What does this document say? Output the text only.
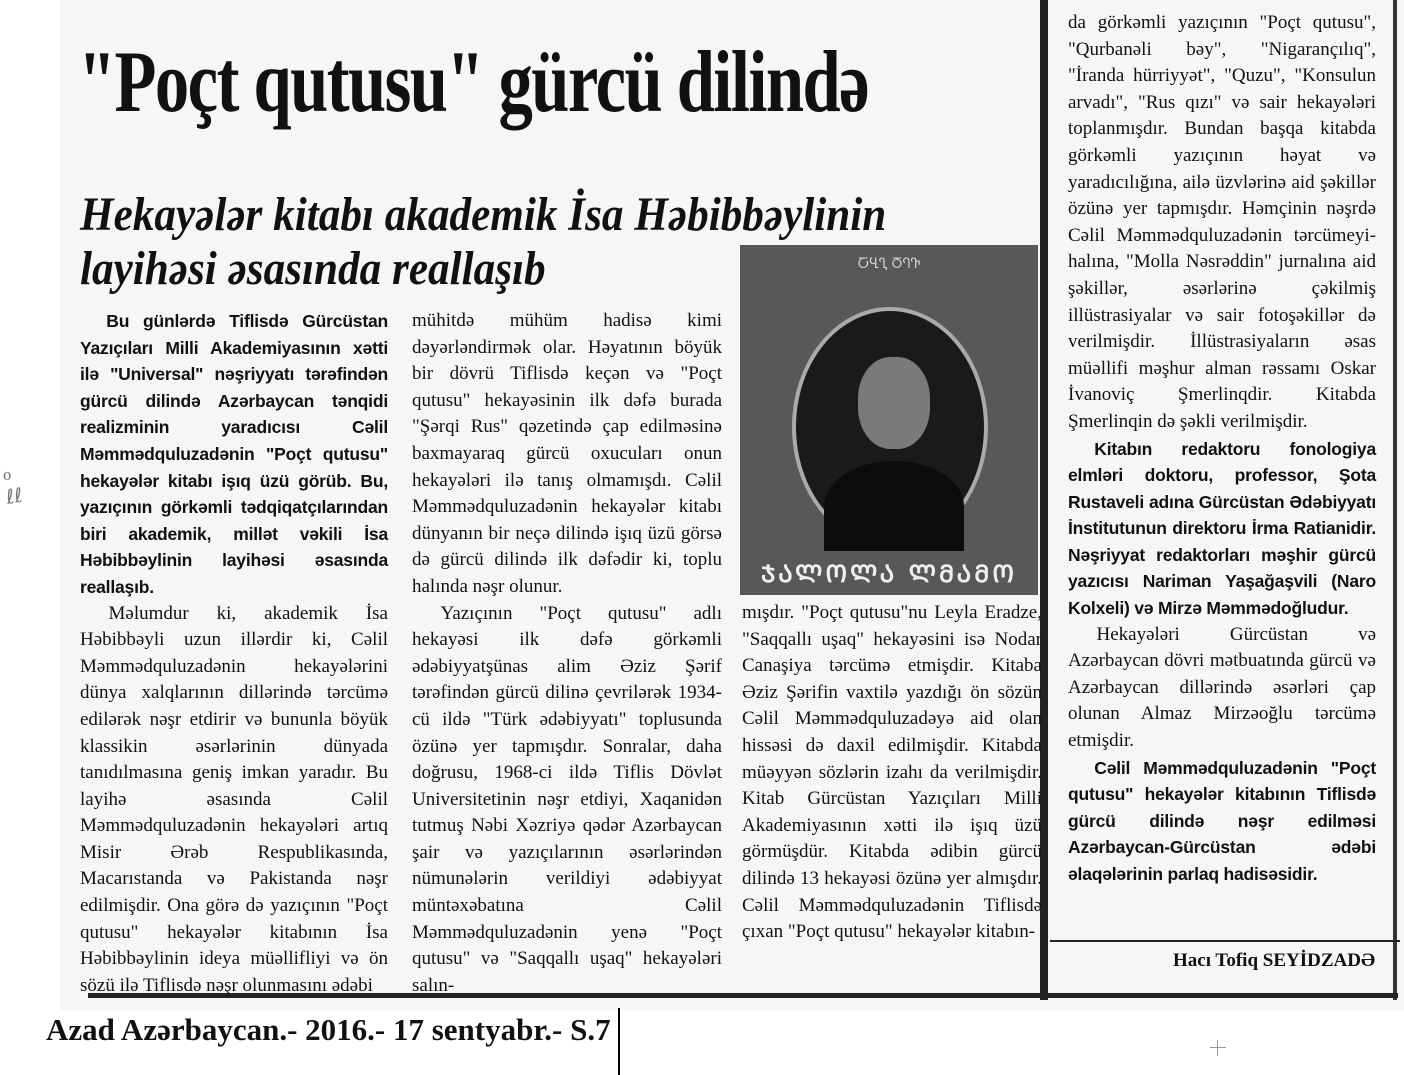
ℴ
ℓℓ
"Poçt qutusu" gürcü dilində
Hekayələr kitabı akademik İsa Həbibbəylinin
layihəsi əsasında reallaşıb

Bu günlərdə Tiflisdə Gürcüstan Yazıçıları Milli Akademiyasının xətti ilə "Universal" nəşriyyatı tərəfindən gürcü dilində Azərbaycan tənqidi realizminin yaradıcısı Cəlil Məmmədquluzadənin "Poçt qutusu" hekayələr kitabı işıq üzü görüb. Bu, yazıçının görkəmli tədqiqatçılarından biri akademik, millət vəkili İsa Həbibbəylinin layihəsi əsasında reallaşıb.

Məlumdur ki, akademik İsa Həbibbəyli uzun illərdir ki, Cəlil Məmmədquluzadənin hekayələrini dünya xalqlarının dillərində tərcümə edilərək nəşr etdirir və bununla böyük klassikin əsərlərinin dünyada tanıdılmasına geniş imkan yaradır. Bu layihə əsasında Cəlil Məmmədquluzadənin hekayələri artıq Misir Ərəb Respublikasında, Macarıstanda və Pakistanda nəşr edilmişdir. Ona görə də yazıçının "Poçt qutusu" hekayələr kitabının İsa Həbibbəylinin ideya müəllifliyi və ön sözü ilə Tiflisdə nəşr olunmasını ədəbi

mühitdə mühüm hadisə kimi dəyərləndirmək olar. Həyatının böyük bir dövrü Tiflisdə keçən və "Poçt qutusu" hekayəsinin ilk dəfə burada "Şərqi Rus" qəzetində çap edilməsinə baxmayaraq gürcü oxucuları onun hekayələri ilə tanış olmamışdı. Cəlil Məmmədquluzadənin hekayələr kitabı dünyanın bir neçə dilində işıq üzü görsə də gürcü dilində ilk dəfədir ki, toplu halında nəşr olunur.

Yazıçının "Poçt qutusu" adlı hekayəsi ilk dəfə görkəmli ədəbiyyatşünas alim Əziz Şərif tərəfindən gürcü dilinə çevrilərək 1934-cü ildə "Türk ədəbiyyatı" toplusunda özünə yer tapmışdır. Sonralar, daha doğrusu, 1968-ci ildə Tiflis Dövlət Universitetinin nəşr etdiyi, Xaqanidən tutmuş Nəbi Xəzriyə qədər Azərbaycan şair və yazıçılarının əsərlərindən nümunələrin verildiyi ədəbiyyat müntəxəbatına Cəlil Məmmədquluzadənin yenə "Poçt qutusu" və "Saqqallı uşaq" hekayələri salın-

ႠႡႢ ႣႤႥ
ᲯᲐᲚᲝᲚᲐ ᲚᲛᲐᲛᲝ

mışdır. "Poçt qutusu"nu Leyla Eradze, "Saqqallı uşaq" hekayəsini isə Nodar Canaşiya tərcümə etmişdir. Kitaba Əziz Şərifin vaxtilə yazdığı ön sözün Cəlil Məmmədquluzadəyə aid olan hissəsi də daxil edilmişdir. Kitabda müəyyən sözlərin izahı da verilmişdir. Kitab Gürcüstan Yazıçıları Milli Akademiyasının xətti ilə işıq üzü görmüşdür. Kitabda ədibin gürcü dilində 13 hekayəsi özünə yer almışdır. Cəlil Məmmədquluzadənin Tiflisdə çıxan "Poçt qutusu" hekayələr kitabın-

da görkəmli yazıçının "Poçt qutusu", "Qurbanəli bəy", "Nigarançılıq", "İranda hürriyyət", "Quzu", "Konsulun arvadı", "Rus qızı" və sair hekayələri toplanmışdır. Bundan başqa kitabda görkəmli yazıçının həyat və yaradıcılığına, ailə üzvlərinə aid şəkillər özünə yer tapmışdır. Həmçinin nəşrdə Cəlil Məmmədquluzadənin tərcümeyi-halına, "Molla Nəsrəddin" jurnalına aid şəkillər, əsərlərinə çəkilmiş illüstrasiyalar və sair fotoşəkillər də verilmişdir. İllüstrasiyaların əsas müəllifi məşhur alman rəssamı Oskar İvanoviç Şmerlinqdir. Kitabda Şmerlinqin də şəkli verilmişdir.

Kitabın redaktoru fonologiya elmləri doktoru, professor, Şota Rustaveli adına Gürcüstan Ədəbiyyatı İnstitutunun direktoru İrma Ratianidir. Nəşriyyat redaktorları məşhir gürcü yazıcısı Nariman Yaşağaşvili (Naro Kolxeli) və Mirzə Məmmədoğludur.

Hekayələri Gürcüstan və Azərbaycan dövri mətbuatında gürcü və Azərbaycan dillərində əsərləri çap olunan Almaz Mirzəoğlu tərcümə etmişdir.

Cəlil Məmmədquluzadənin "Poçt qutusu" hekayələr kitabının Tiflisdə gürcü dilində nəşr edilməsi Azərbaycan-Gürcüstan ədəbi əlaqələrinin parlaq hadisəsidir.

Hacı Tofiq SEYİDZADƏ
Azad Azərbaycan.- 2016.- 17 sentyabr.- S.7
